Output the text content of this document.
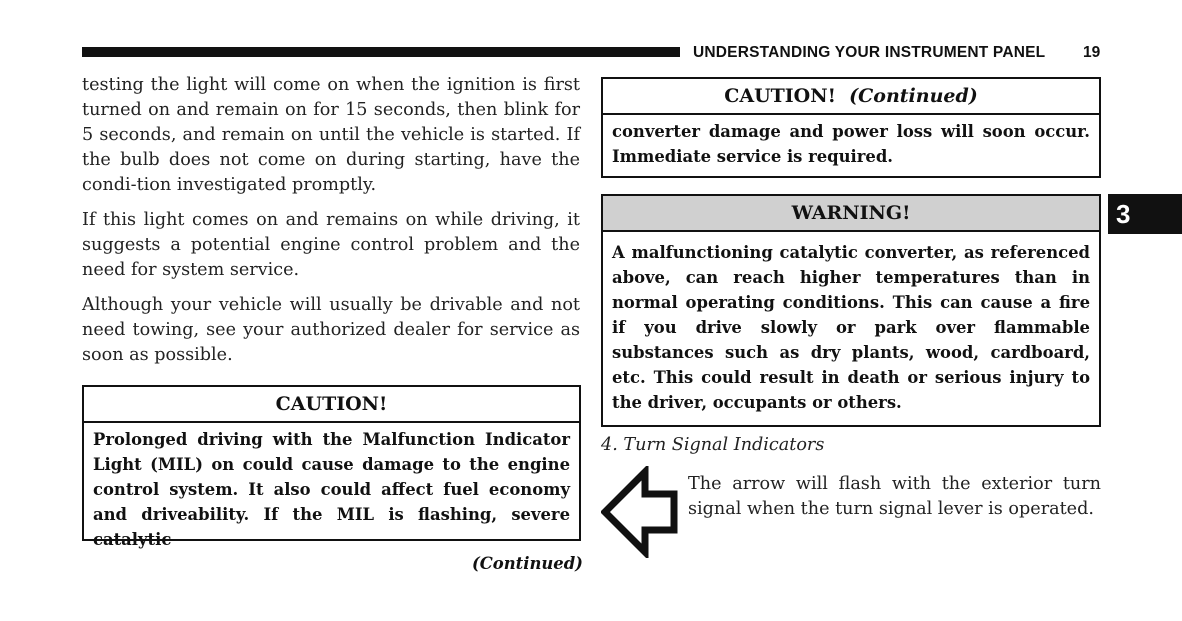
UNDERSTANDING YOUR INSTRUMENT PANEL 19
3

testing the light will come on when the ignition is first turned on and remain on for 15 seconds, then blink for 5 seconds, and remain on until the vehicle is started. If the bulb does not come on during starting, have the condi-tion investigated promptly.

If this light comes on and remains on while driving, it suggests a potential engine control problem and the need for system service.

Although your vehicle will usually be drivable and not need towing, see your authorized dealer for service as soon as possible.

CAUTION!
Prolonged driving with the Malfunction Indicator Light (MIL) on could cause damage to the engine control system. It also could affect fuel economy and driveability. If the MIL is flashing, severe catalytic
(Continued)
CAUTION! (Continued)
converter damage and power loss will soon occur. Immediate service is required.
WARNING!
A malfunctioning catalytic converter, as referenced above, can reach higher temperatures than in normal operating conditions. This can cause a fire if you drive slowly or park over flammable substances such as dry plants, wood, cardboard, etc. This could result in death or serious injury to the driver, occupants or others.
4. Turn Signal Indicators
The arrow will flash with the exterior turn signal when the turn signal lever is operated.
